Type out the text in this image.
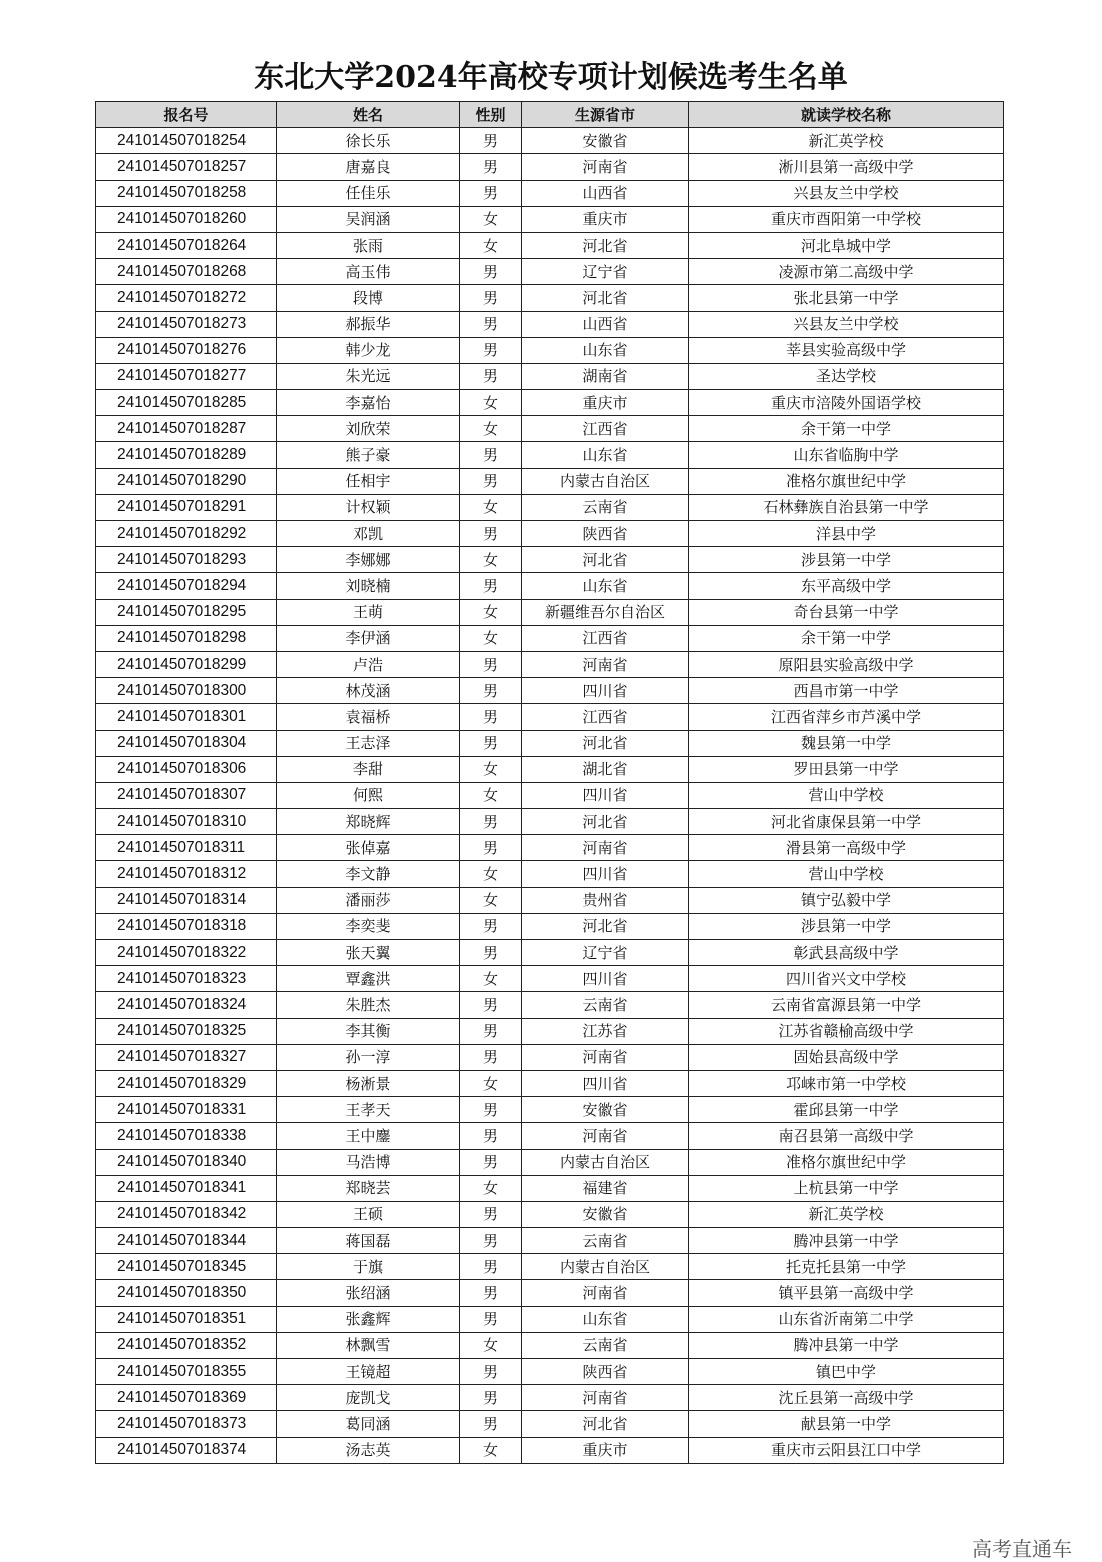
东北大学2024年高校专项计划候选考生名单
报名号	姓名	性别	生源省市	就读学校名称
241014507018254	徐长乐	男	安徽省	新汇英学校
241014507018257	唐嘉良	男	河南省	淅川县第一高级中学
241014507018258	任佳乐	男	山西省	兴县友兰中学校
241014507018260	吴润涵	女	重庆市	重庆市酉阳第一中学校
241014507018264	张雨	女	河北省	河北阜城中学
241014507018268	高玉伟	男	辽宁省	凌源市第二高级中学
241014507018272	段博	男	河北省	张北县第一中学
241014507018273	郝振华	男	山西省	兴县友兰中学校
241014507018276	韩少龙	男	山东省	莘县实验高级中学
241014507018277	朱光远	男	湖南省	圣达学校
241014507018285	李嘉怡	女	重庆市	重庆市涪陵外国语学校
241014507018287	刘欣荣	女	江西省	余干第一中学
241014507018289	熊子豪	男	山东省	山东省临朐中学
241014507018290	任相宇	男	内蒙古自治区	准格尔旗世纪中学
241014507018291	计权颖	女	云南省	石林彝族自治县第一中学
241014507018292	邓凯	男	陕西省	洋县中学
241014507018293	李娜娜	女	河北省	涉县第一中学
241014507018294	刘晓楠	男	山东省	东平高级中学
241014507018295	王萌	女	新疆维吾尔自治区	奇台县第一中学
241014507018298	李伊涵	女	江西省	余干第一中学
241014507018299	卢浩	男	河南省	原阳县实验高级中学
241014507018300	林茂涵	男	四川省	西昌市第一中学
241014507018301	袁福桥	男	江西省	江西省萍乡市芦溪中学
241014507018304	王志泽	男	河北省	魏县第一中学
241014507018306	李甜	女	湖北省	罗田县第一中学
241014507018307	何熙	女	四川省	营山中学校
241014507018310	郑晓辉	男	河北省	河北省康保县第一中学
241014507018311	张倬嘉	男	河南省	滑县第一高级中学
241014507018312	李文静	女	四川省	营山中学校
241014507018314	潘丽莎	女	贵州省	镇宁弘毅中学
241014507018318	李奕斐	男	河北省	涉县第一中学
241014507018322	张天翼	男	辽宁省	彰武县高级中学
241014507018323	覃鑫洪	女	四川省	四川省兴文中学校
241014507018324	朱胜杰	男	云南省	云南省富源县第一中学
241014507018325	李其衡	男	江苏省	江苏省赣榆高级中学
241014507018327	孙一淳	男	河南省	固始县高级中学
241014507018329	杨淅景	女	四川省	邛崃市第一中学校
241014507018331	王孝天	男	安徽省	霍邱县第一中学
241014507018338	王中鏖	男	河南省	南召县第一高级中学
241014507018340	马浩博	男	内蒙古自治区	准格尔旗世纪中学
241014507018341	郑晓芸	女	福建省	上杭县第一中学
241014507018342	王硕	男	安徽省	新汇英学校
241014507018344	蒋国磊	男	云南省	腾冲县第一中学
241014507018345	于旗	男	内蒙古自治区	托克托县第一中学
241014507018350	张绍涵	男	河南省	镇平县第一高级中学
241014507018351	张鑫辉	男	山东省	山东省沂南第二中学
241014507018352	林飘雪	女	云南省	腾冲县第一中学
241014507018355	王镜超	男	陕西省	镇巴中学
241014507018369	庞凯戈	男	河南省	沈丘县第一高级中学
241014507018373	葛同涵	男	河北省	献县第一中学
241014507018374	汤志英	女	重庆市	重庆市云阳县江口中学
高考直通车
